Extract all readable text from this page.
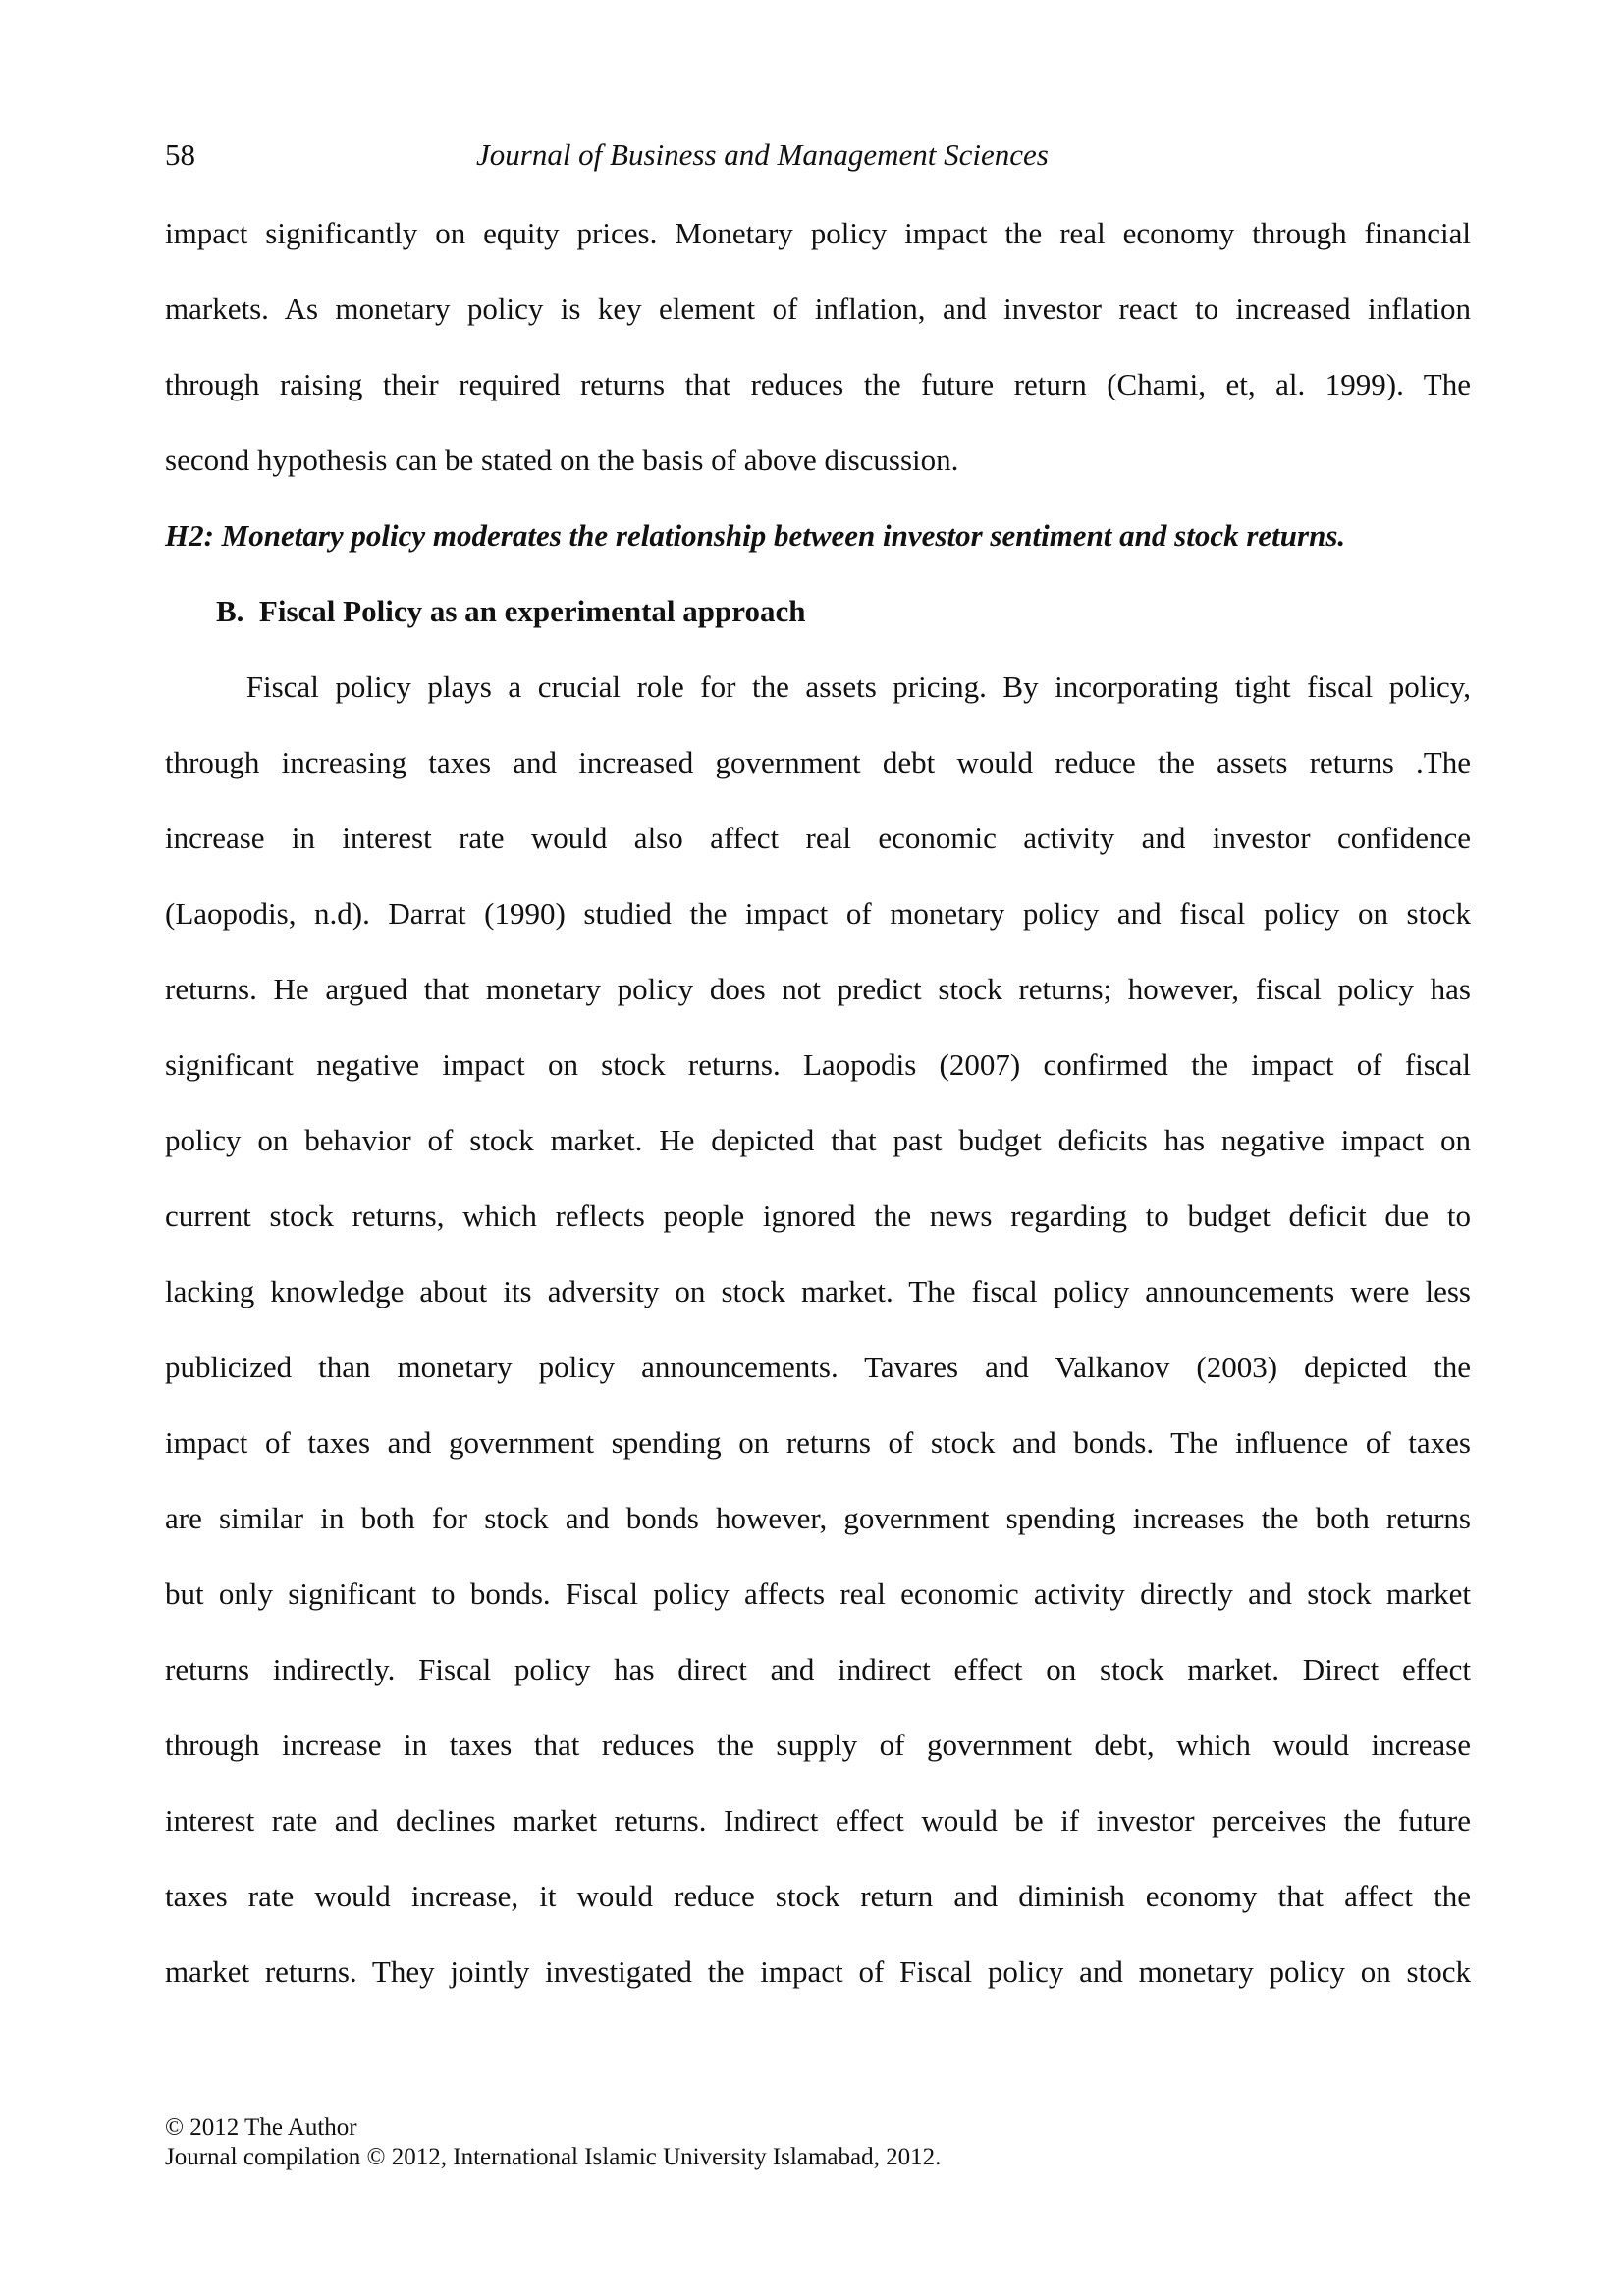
58	Journal of Business and Management Sciences
impact significantly on equity prices. Monetary policy impact the real economy through financial
markets. As monetary policy is key element of inflation, and investor react to increased inflation
through raising their required returns that reduces the future return (Chami, et, al. 1999). The
second hypothesis can be stated on the basis of above discussion.
H2: Monetary policy moderates the relationship between investor sentiment and stock returns.
B.  Fiscal Policy as an experimental approach
Fiscal policy plays a crucial role for the assets pricing. By incorporating tight fiscal policy,
through increasing taxes and increased government debt would reduce the assets returns .The
increase in interest rate would also affect real economic activity and investor confidence
(Laopodis, n.d). Darrat (1990) studied the impact of monetary policy and fiscal policy on stock
returns. He argued that monetary policy does not predict stock returns; however, fiscal policy has
significant negative impact on stock returns. Laopodis (2007) confirmed the impact of fiscal
policy on behavior of stock market. He depicted that past budget deficits has negative impact on
current stock returns, which reflects people ignored the news regarding to budget deficit due to
lacking knowledge about its adversity on stock market. The fiscal policy announcements were less
publicized than monetary policy announcements. Tavares and Valkanov (2003) depicted the
impact of taxes and government spending on returns of stock and bonds. The influence of taxes
are similar in both for stock and bonds however, government spending increases the both returns
but only significant to bonds. Fiscal policy affects real economic activity directly and stock market
returns indirectly. Fiscal policy has direct and indirect effect on stock market. Direct effect
through increase in taxes that reduces the supply of government debt, which would increase
interest rate and declines market returns. Indirect effect would be if investor perceives the future
taxes rate would increase, it would reduce stock return and diminish economy that affect the
market returns. They jointly investigated the impact of Fiscal policy and monetary policy on stock
© 2012 The Author
Journal compilation © 2012, International Islamic University Islamabad, 2012.
